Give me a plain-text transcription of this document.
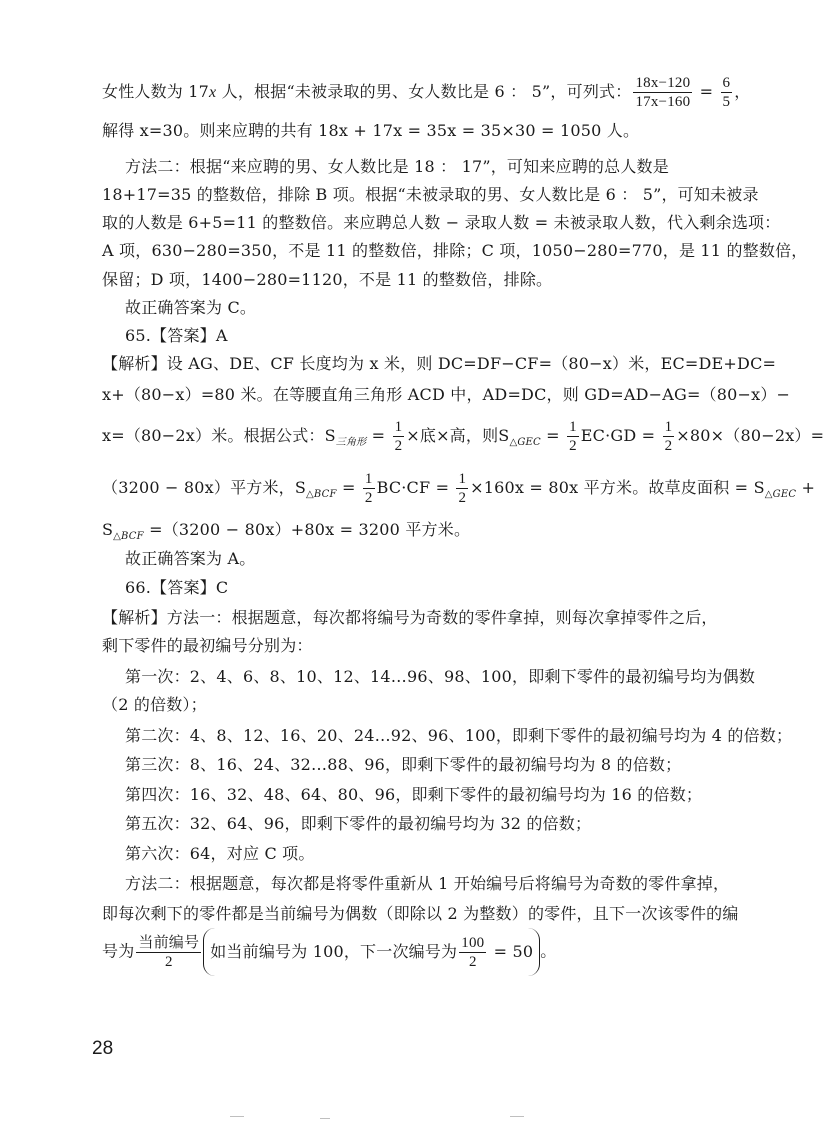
女性人数为 17x 人，根据“未被录取的男、女人数比是 6 ： 5”，可列式： $\frac{18x-120}{17x-160} = \frac{6}{5}$ ，
解得 x=30。则来应聘的共有 18x + 17x = 35x = 35×30 = 1050 人。
方法二：根据“来应聘的男、女人数比是 18 ： 17”，可知来应聘的总人数是
18+17=35 的整数倍，排除 B 项。根据“未被录取的男、女人数比是 6 ： 5”，可知未被录
取的人数是 6+5=11 的整数倍。来应聘总人数 − 录取人数 = 未被录取人数，代入剩余选项：
A 项，630−280=350，不是 11 的整数倍，排除；C 项，1050−280=770，是 11 的整数倍，
保留；D 项，1400−280=1120，不是 11 的整数倍，排除。
故正确答案为 C。
65.【答案】A
【解析】设 AG、DE、CF 长度均为 x 米，则 DC=DF−CF=（80−x）米，EC=DE+DC=
x+（80−x）=80 米。在等腰直角三角形 ACD 中，AD=DC，则 GD=AD−AG=（80−x）−
x=（80−2x）米。根据公式：$S_{三角形} = \frac{1}{2}$ ×底×高，则$S_{\triangle GEC} = \frac{1}{2} EC\cdot GD = \frac{1}{2} \times 80\times(80-2x)=$
（3200 − 80x）平方米，$S_{\triangle BCF} = \frac{1}{2} BC\cdot CF = \frac{1}{2} \times 160x = 80x$ 平方米。故草皮面积 = $S_{\triangle GEC}$ +
$S_{\triangle BCF} =(3200 - 80x)+80x = 3200$ 平方米。
故正确答案为 A。
66.【答案】C
【解析】方法一：根据题意，每次都将编号为奇数的零件拿掉，则每次拿掉零件之后，
剩下零件的最初编号分别为：
第一次：2、4、6、8、10、12、14…96、98、100，即剩下零件的最初编号均为偶数
（2 的倍数）；
第二次：4、8、12、16、20、24…92、96、100，即剩下零件的最初编号均为 4 的倍数；
第三次：8、16、24、32…88、96，即剩下零件的最初编号均为 8 的倍数；
第四次：16、32、48、64、80、96，即剩下零件的最初编号均为 16 的倍数；
第五次：32、64、96，即剩下零件的最初编号均为 32 的倍数；
第六次：64，对应 C 项。
方法二：根据题意，每次都是将零件重新从 1 开始编号后将编号为奇数的零件拿掉，
即每次剩下的零件都是当前编号为偶数（即除以 2 为整数）的零件，且下一次该零件的编
号为 $\frac{\text{当前编号}}{2}$ 如当前编号为 100，下一次编号为 $\frac{100}{2} = 50$ 。
28
